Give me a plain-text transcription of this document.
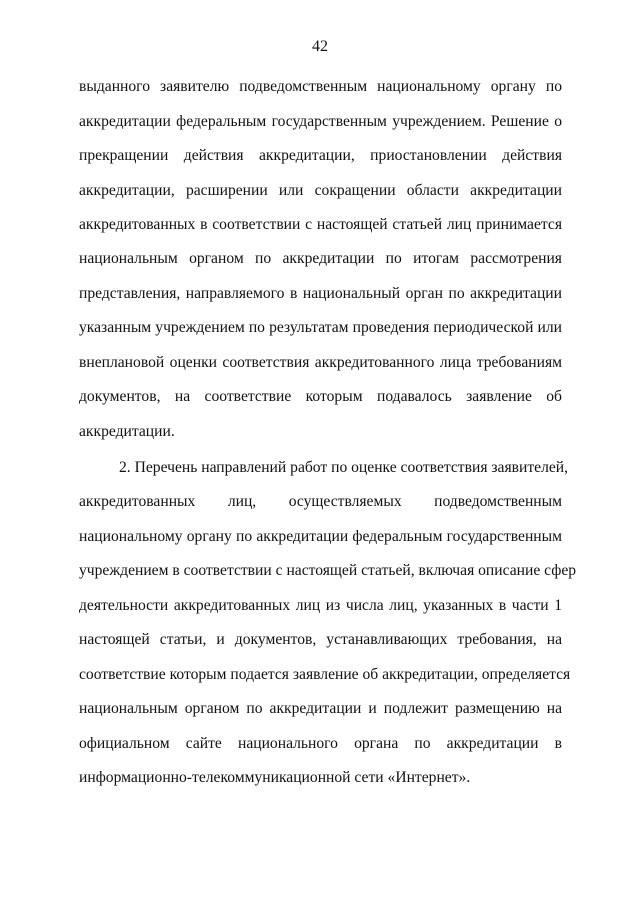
42
выданного заявителю подведомственным национальному органу по
аккредитации федеральным государственным учреждением. Решение о
прекращении действия аккредитации, приостановлении действия
аккредитации, расширении или сокращении области аккредитации
аккредитованных в соответствии с настоящей статьей лиц принимается
национальным органом по аккредитации по итогам рассмотрения
представления, направляемого в национальный орган по аккредитации
указанным учреждением по результатам проведения периодической или
внеплановой оценки соответствия аккредитованного лица требованиям
документов, на соответствие которым подавалось заявление об
аккредитации.
2. Перечень направлений работ по оценке соответствия заявителей,
аккредитованных лиц, осуществляемых подведомственным
национальному органу по аккредитации федеральным государственным
учреждением в соответствии с настоящей статьей, включая описание сфер
деятельности аккредитованных лиц из числа лиц, указанных в части 1
настоящей статьи, и документов, устанавливающих требования, на
соответствие которым подается заявление об аккредитации, определяется
национальным органом по аккредитации и подлежит размещению на
официальном сайте национального органа по аккредитации в
информационно-телекоммуникационной сети «Интернет».
